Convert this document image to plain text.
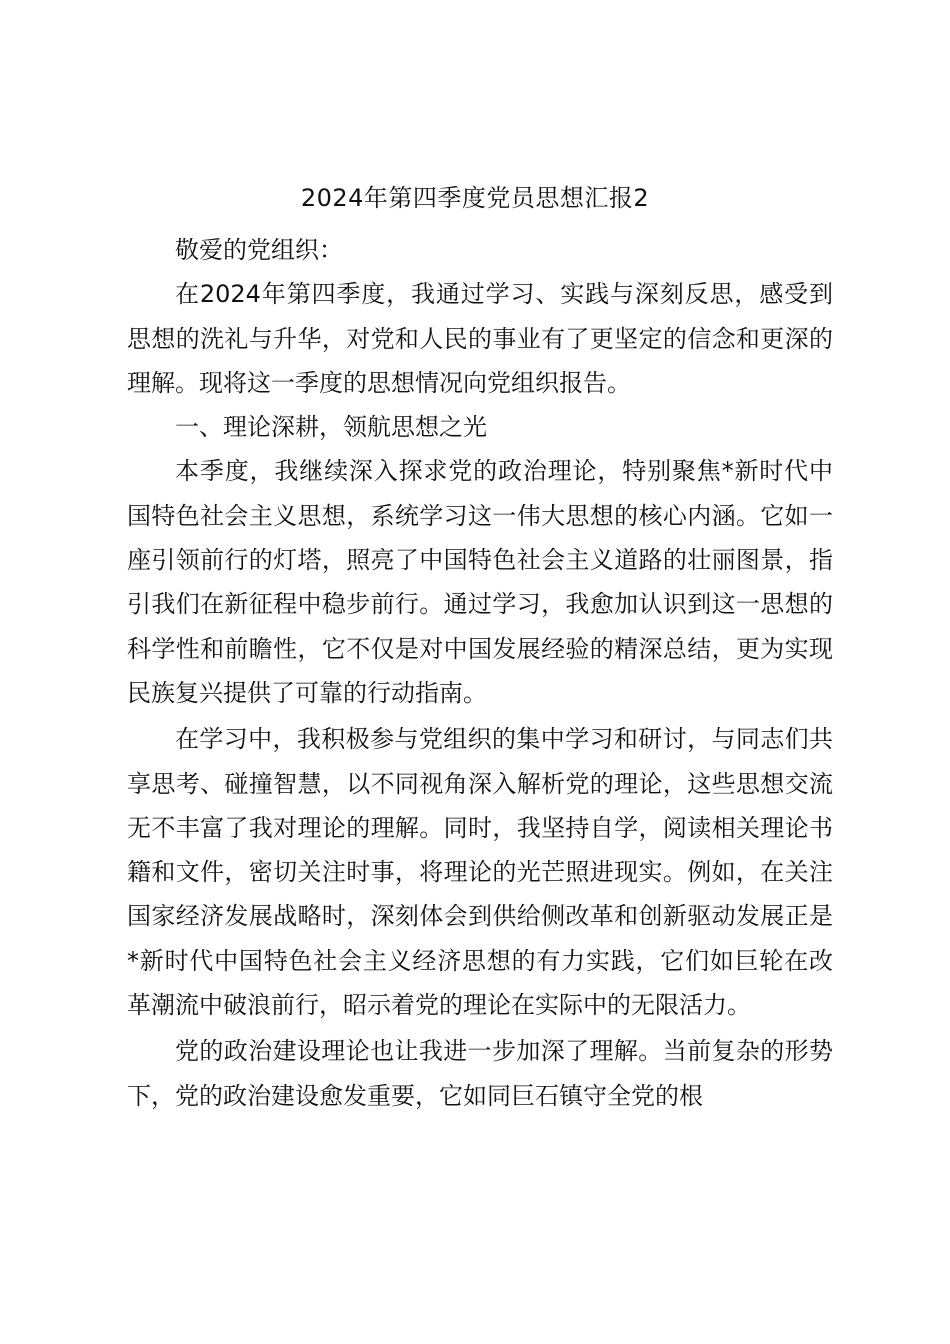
2024年第四季度党员思想汇报2

敬爱的党组织：

在2024年第四季度，我通过学习、实践与深刻反思，感受到思想的洗礼与升华，对党和人民的事业有了更坚定的信念和更深的理解。现将这一季度的思想情况向党组织报告。

一、理论深耕，领航思想之光

本季度，我继续深入探求党的政治理论，特别聚焦*新时代中国特色社会主义思想，系统学习这一伟大思想的核心内涵。它如一座引领前行的灯塔，照亮了中国特色社会主义道路的壮丽图景，指引我们在新征程中稳步前行。通过学习，我愈加认识到这一思想的科学性和前瞻性，它不仅是对中国发展经验的精深总结，更为实现民族复兴提供了可靠的行动指南。

在学习中，我积极参与党组织的集中学习和研讨，与同志们共享思考、碰撞智慧，以不同视角深入解析党的理论，这些思想交流无不丰富了我对理论的理解。同时，我坚持自学，阅读相关理论书籍和文件，密切关注时事，将理论的光芒照进现实。例如，在关注国家经济发展战略时，深刻体会到供给侧改革和创新驱动发展正是*新时代中国特色社会主义经济思想的有力实践，它们如巨轮在改革潮流中破浪前行，昭示着党的理论在实际中的无限活力。

党的政治建设理论也让我进一步加深了理解。当前复杂的形势下，党的政治建设愈发重要，它如同巨石镇守全党的根
